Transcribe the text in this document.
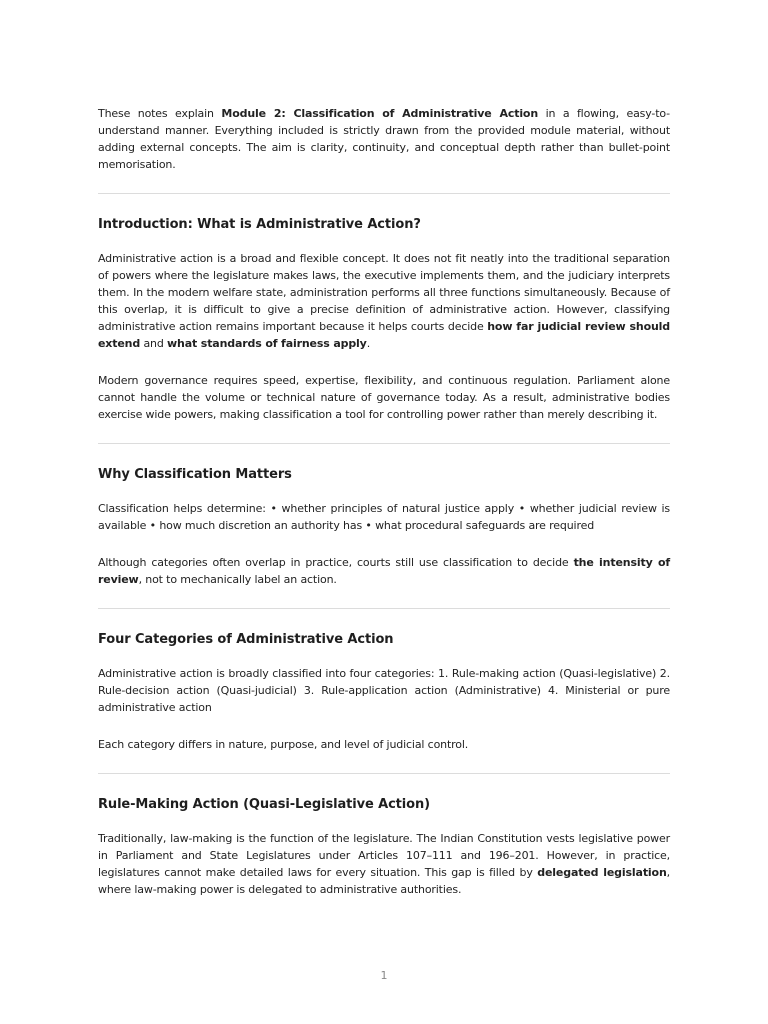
These notes explain Module 2: Classification of Administrative Action in a flowing, easy-to-understand manner. Everything included is strictly drawn from the provided module material, without adding external concepts. The aim is clarity, continuity, and conceptual depth rather than bullet-point memorisation.

Introduction: What is Administrative Action?

Administrative action is a broad and flexible concept. It does not fit neatly into the traditional separation of powers where the legislature makes laws, the executive implements them, and the judiciary interprets them. In the modern welfare state, administration performs all three functions simultaneously. Because of this overlap, it is difficult to give a precise definition of administrative action. However, classifying administrative action remains important because it helps courts decide how far judicial review should extend and what standards of fairness apply.

Modern governance requires speed, expertise, flexibility, and continuous regulation. Parliament alone cannot handle the volume or technical nature of governance today. As a result, administrative bodies exercise wide powers, making classification a tool for controlling power rather than merely describing it.

Why Classification Matters

Classification helps determine: • whether principles of natural justice apply • whether judicial review is available • how much discretion an authority has • what procedural safeguards are required

Although categories often overlap in practice, courts still use classification to decide the intensity of review, not to mechanically label an action.

Four Categories of Administrative Action

Administrative action is broadly classified into four categories: 1. Rule-making action (Quasi-legislative) 2. Rule-decision action (Quasi-judicial) 3. Rule-application action (Administrative) 4. Ministerial or pure administrative action

Each category differs in nature, purpose, and level of judicial control.

Rule-Making Action (Quasi-Legislative Action)

Traditionally, law-making is the function of the legislature. The Indian Constitution vests legislative power in Parliament and State Legislatures under Articles 107–111 and 196–201. However, in practice, legislatures cannot make detailed laws for every situation. This gap is filled by delegated legislation, where law-making power is delegated to administrative authorities.

1
